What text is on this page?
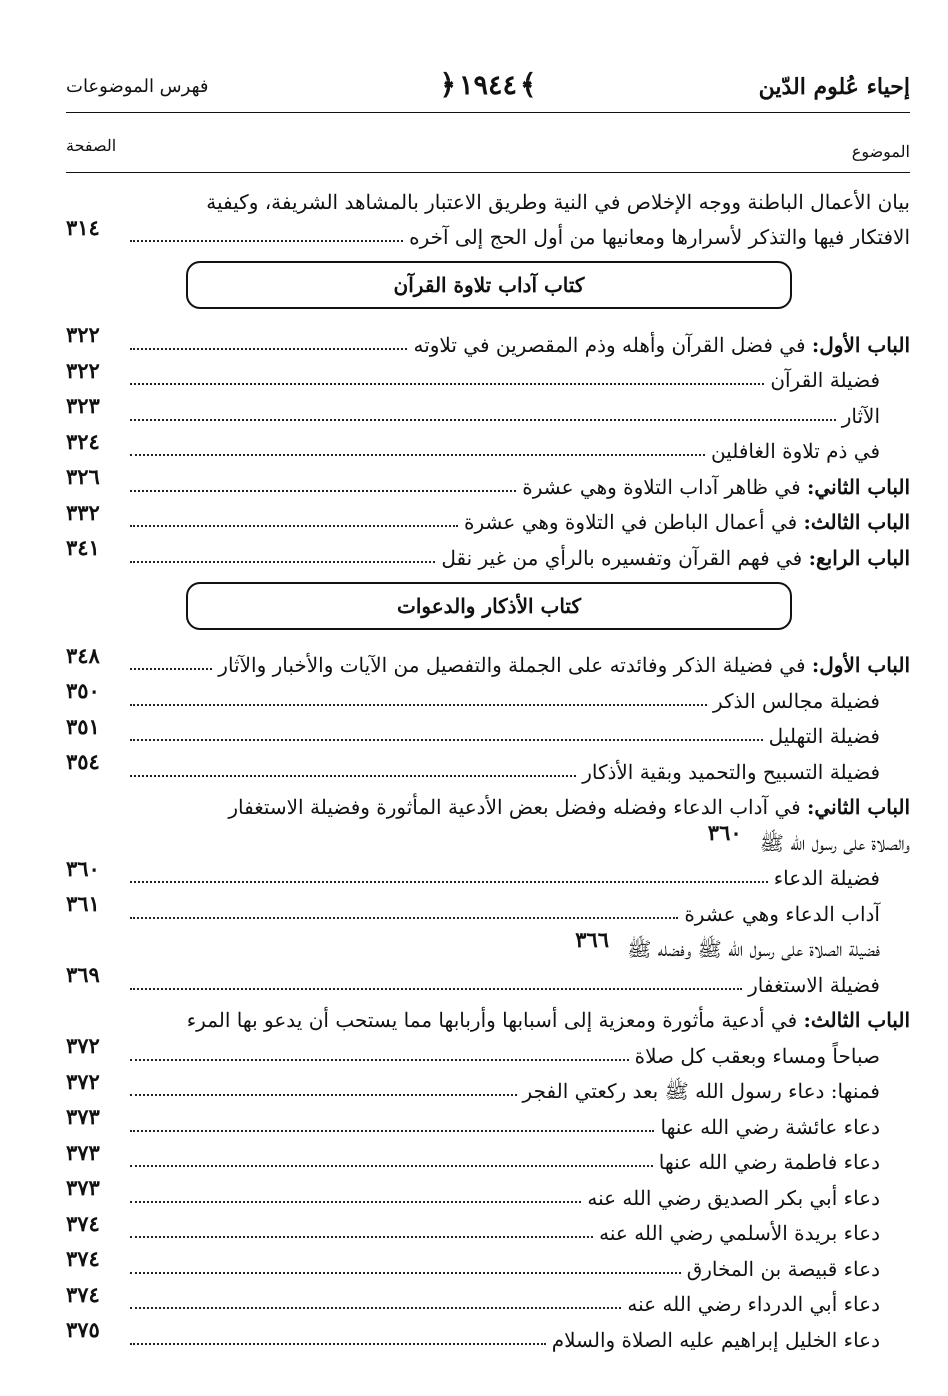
إحياء عُلوم الدّين
﴿ ١٩٤٤ ﴾
فهرس الموضوعات
الموضوع
الصفحة
بيان الأعمال الباطنة ووجه الإخلاص في النية وطريق الاعتبار بالمشاهد الشريفة، وكيفية
الافتكار فيها والتذكر لأسرارها ومعانيها من أول الحج إلى آخره
٣١٤
كتاب آداب تلاوة القرآن
الباب الأول: في فضل القرآن وأهله وذم المقصرين في تلاوته
٣٢٢
فضيلة القرآن
٣٢٢
الآثار
٣٢٣
في ذم تلاوة الغافلين
٣٢٤
الباب الثاني: في ظاهر آداب التلاوة وهي عشرة
٣٢٦
الباب الثالث: في أعمال الباطن في التلاوة وهي عشرة
٣٣٢
الباب الرابع: في فهم القرآن وتفسيره بالرأي من غير نقل
٣٤١
كتاب الأذكار والدعوات
الباب الأول: في فضيلة الذكر وفائدته على الجملة والتفصيل من الآيات والأخبار والآثار
٣٤٨
فضيلة مجالس الذكر
٣٥٠
فضيلة التهليل
٣٥١
فضيلة التسبيح والتحميد وبقية الأذكار
٣٥٤
الباب الثاني: في آداب الدعاء وفضله وفضل بعض الأدعية المأثورة وفضيلة الاستغفار
والصلاة على رسول الله ﷺ
٣٦٠
فضيلة الدعاء
٣٦٠
آداب الدعاء وهي عشرة
٣٦١
فضيلة الصلاة على رسول الله ﷺ وفضله ﷺ
٣٦٦
فضيلة الاستغفار
٣٦٩
الباب الثالث: في أدعية مأثورة ومعزية إلى أسبابها وأربابها مما يستحب أن يدعو بها المرء
صباحاً ومساء وبعقب كل صلاة
٣٧٢
فمنها: دعاء رسول الله ﷺ بعد ركعتي الفجر
٣٧٢
دعاء عائشة رضي الله عنها
٣٧٣
دعاء فاطمة رضي الله عنها
٣٧٣
دعاء أبي بكر الصديق رضي الله عنه
٣٧٣
دعاء بريدة الأسلمي رضي الله عنه
٣٧٤
دعاء قبيصة بن المخارق
٣٧٤
دعاء أبي الدرداء رضي الله عنه
٣٧٤
دعاء الخليل إبراهيم عليه الصلاة والسلام
٣٧٥
